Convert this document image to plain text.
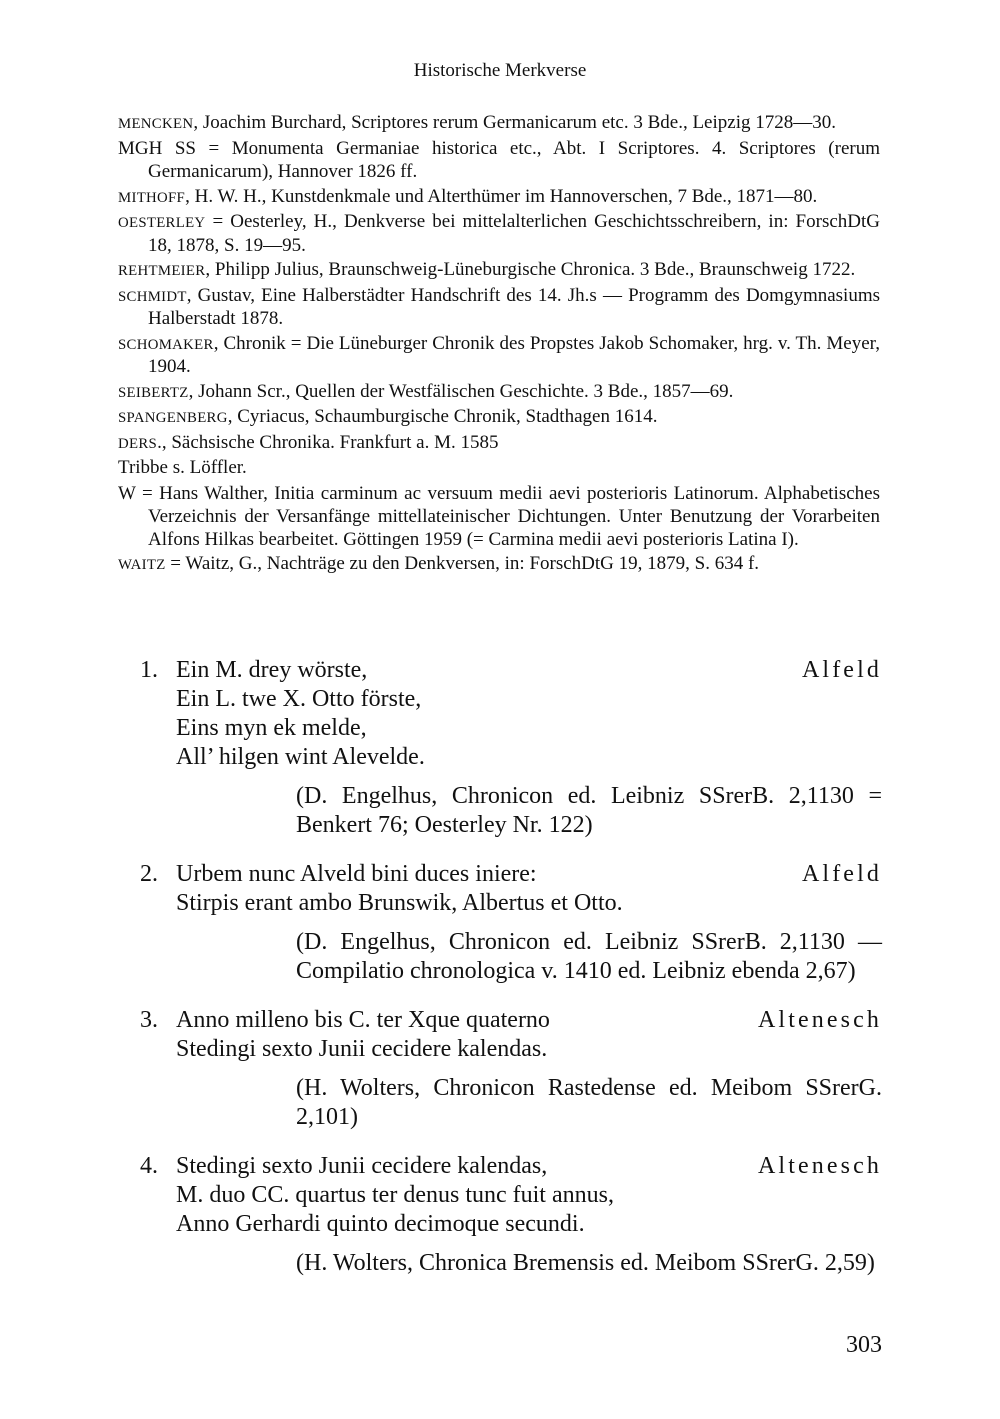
Historische Merkverse
MENCKEN, Joachim Burchard, Scriptores rerum Germanicarum etc. 3 Bde., Leipzig 1728—30.
MGH SS = Monumenta Germaniae historica etc., Abt. I Scriptores. 4. Scriptores (rerum Germanicarum), Hannover 1826 ff.
MITHOFF, H. W. H., Kunstdenkmale und Alterthümer im Hannoverschen, 7 Bde., 1871—80.
OESTERLEY = Oesterley, H., Denkverse bei mittelalterlichen Geschichtsschreibern, in: ForschDtG 18, 1878, S. 19—95.
REHTMEIER, Philipp Julius, Braunschweig-Lüneburgische Chronica. 3 Bde., Braunschweig 1722.
SCHMIDT, Gustav, Eine Halberstädter Handschrift des 14. Jh.s — Programm des Domgymnasiums Halberstadt 1878.
SCHOMAKER, Chronik = Die Lüneburger Chronik des Propstes Jakob Schomaker, hrg. v. Th. Meyer, 1904.
SEIBERTZ, Johann Scr., Quellen der Westfälischen Geschichte. 3 Bde., 1857—69.
SPANGENBERG, Cyriacus, Schaumburgische Chronik, Stadthagen 1614.
DERS., Sächsische Chronika. Frankfurt a. M. 1585
Tribbe s. Löffler.
W = Hans Walther, Initia carminum ac versuum medii aevi posterioris Latinorum. Alphabetisches Verzeichnis der Versanfänge mittellateinischer Dichtungen. Unter Benutzung der Vorarbeiten Alfons Hilkas bearbeitet. Göttingen 1959 (= Carmina medii aevi posterioris Latina I).
WAITZ = Waitz, G., Nachträge zu den Denkversen, in: ForschDtG 19, 1879, S. 634 f.
1.	Alfeld
Ein M. drey wörste,
Ein L. twe X. Otto förste,
Eins myn ek melde,
All’ hilgen wint Alevelde.
(D. Engelhus, Chronicon ed. Leibniz SSrerB. 2,1130 = Benkert 76; Oesterley Nr. 122)
2.	Alfeld
Urbem nunc Alveld bini duces iniere:
Stirpis erant ambo Brunswik, Albertus et Otto.
(D. Engelhus, Chronicon ed. Leibniz SSrerB. 2,1130 — Compilatio chronologica v. 1410 ed. Leibniz ebenda 2,67)
3.	Altenesch
Anno milleno bis C. ter Xque quaterno
Stedingi sexto Junii cecidere kalendas.
(H. Wolters, Chronicon Rastedense ed. Meibom SSrerG. 2,101)
4.	Altenesch
Stedingi sexto Junii cecidere kalendas,
M. duo CC. quartus ter denus tunc fuit annus,
Anno Gerhardi quinto decimoque secundi.
(H. Wolters, Chronica Bremensis ed. Meibom SSrerG. 2,59)
303
